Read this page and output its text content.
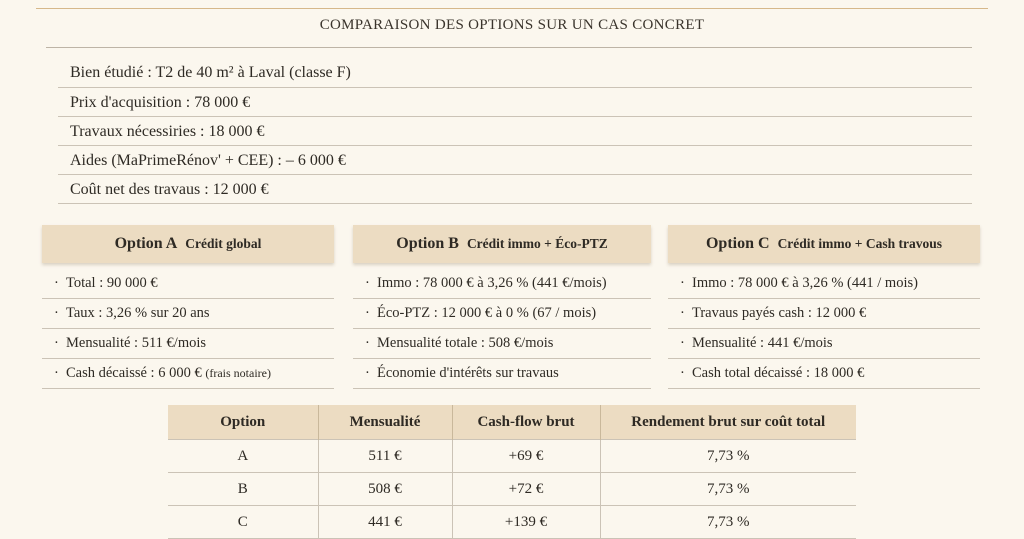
COMPARAISON DES OPTIONS SUR UN CAS CONCRET
Bien étudié : T2 de 40 m² à Laval (classe F)
Prix d'acquisition : 78 000 €
Travaux nécessiries : 18 000 €
Aides (MaPrimeRénov' + CEE) : – 6 000 €
Coût net des travaus : 12 000 €
Option A Crédit global
· Total : 90 000 €
· Taux : 3,26 % sur 20 ans
· Mensualité : 511 €/mois
· Cash décaissé : 6 000 € (frais notaire)
Option B Crédit immo + Éco-PTZ
· Immo : 78 000 € à 3,26 % (441 €/mois)
· Éco-PTZ : 12 000 € à 0 % (67 / mois)
· Mensualité totale : 508 €/mois
· Économie d'intérêts sur travaus
Option C Crédit immo + Cash travous
· Immo : 78 000 € à 3,26 % (441 / mois)
· Travaus payés cash : 12 000 €
· Mensualité : 441 €/mois
· Cash total décaissé : 18 000 €
Option	Mensualité	Cash-flow brut	Rendement brut sur coût total
A	511 €	+69 €	7,73 %
B	508 €	+72 €	7,73 %
C	441 €	+139 €	7,73 %
